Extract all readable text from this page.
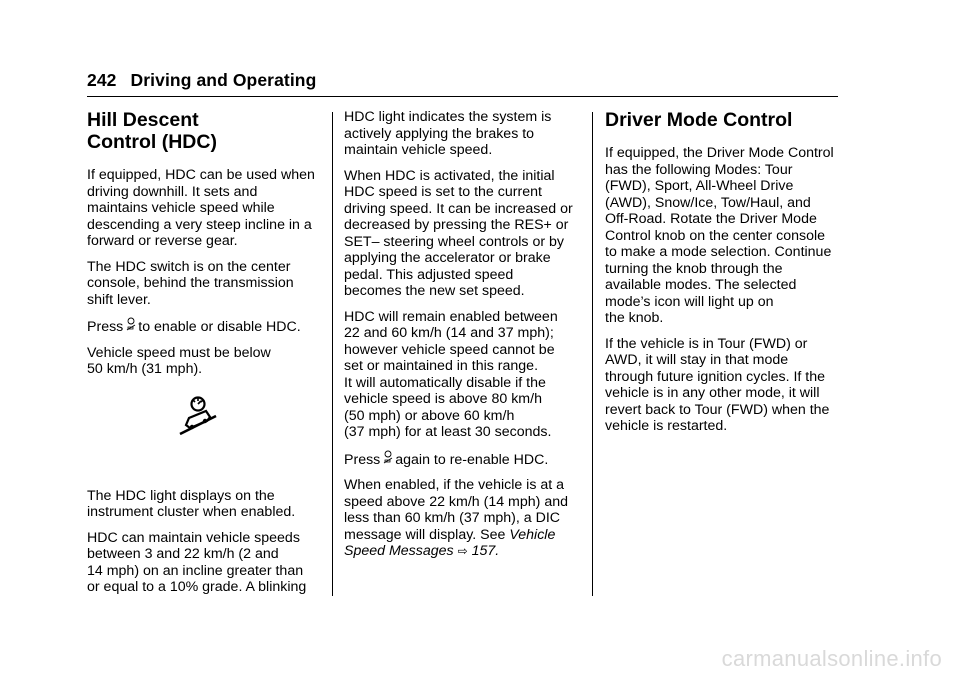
242 Driving and Operating
Hill Descent
Control (HDC)

If equipped, HDC can be used when
driving downhill. It sets and
maintains vehicle speed while
descending a very steep incline in a
forward or reverse gear.

The HDC switch is on the center
console, behind the transmission
shift lever.

Press to enable or disable HDC.

Vehicle speed must be below
50 km/h (31 mph).

The HDC light displays on the
instrument cluster when enabled.

HDC can maintain vehicle speeds
between 3 and 22 km/h (2 and
14 mph) on an incline greater than
or equal to a 10% grade. A blinking

HDC light indicates the system is
actively applying the brakes to
maintain vehicle speed.

When HDC is activated, the initial
HDC speed is set to the current
driving speed. It can be increased or
decreased by pressing the RES+ or
SET– steering wheel controls or by
applying the accelerator or brake
pedal. This adjusted speed
becomes the new set speed.

HDC will remain enabled between
22 and 60 km/h (14 and 37 mph);
however vehicle speed cannot be
set or maintained in this range.
It will automatically disable if the
vehicle speed is above 80 km/h
(50 mph) or above 60 km/h
(37 mph) for at least 30 seconds.

Press again to re-enable HDC.

When enabled, if the vehicle is at a
speed above 22 km/h (14 mph) and
less than 60 km/h (37 mph), a DIC
message will display. See Vehicle
Speed Messages ⇨ 157.

Driver Mode Control

If equipped, the Driver Mode Control
has the following Modes: Tour
(FWD), Sport, All-Wheel Drive
(AWD), Snow/Ice, Tow/Haul, and
Off-Road. Rotate the Driver Mode
Control knob on the center console
to make a mode selection. Continue
turning the knob through the
available modes. The selected
mode’s icon will light up on
the knob.

If the vehicle is in Tour (FWD) or
AWD, it will stay in that mode
through future ignition cycles. If the
vehicle is in any other mode, it will
revert back to Tour (FWD) when the
vehicle is restarted.

carmanualsonline.info
